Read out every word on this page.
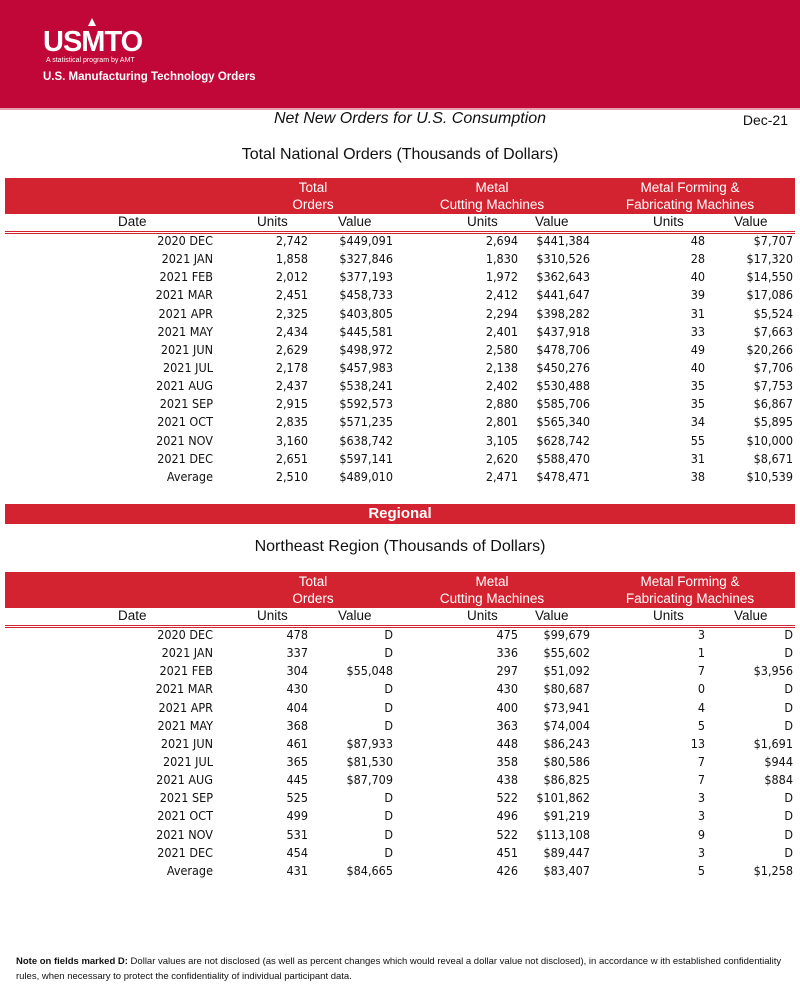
USMTO
A statistical program by AMT
U.S. Manufacturing Technology Orders
Net New Orders for U.S. Consumption	Dec-21
Total National Orders (Thousands of Dollars)
Total
Orders
Metal
Cutting Machines
Metal Forming &
Fabricating Machines
Date	Units	Value	Units	Value	Units	Value
2020 DEC	2,742	$449,091	2,694 $441,384	48	$7,707
2021 JAN	1,858	$327,846	1,830 $310,526	28	$17,320
2021 FEB	2,012	$377,193	1,972 $362,643	40	$14,550
2021 MAR	2,451	$458,733	2,412 $441,647	39	$17,086
2021 APR	2,325	$403,805	2,294 $398,282	31	$5,524
2021 MAY	2,434	$445,581	2,401 $437,918	33	$7,663
2021 JUN	2,629	$498,972	2,580 $478,706	49	$20,266
2021 JUL	2,178	$457,983	2,138 $450,276	40	$7,706
2021 AUG	2,437	$538,241	2,402 $530,488	35	$7,753
2021 SEP	2,915	$592,573	2,880 $585,706	35	$6,867
2021 OCT	2,835	$571,235	2,801 $565,340	34	$5,895
2021 NOV	3,160	$638,742	3,105 $628,742	55	$10,000
2021 DEC	2,651	$597,141	2,620 $588,470	31	$8,671
Average	2,510	$489,010	2,471 $478,471	38	$10,539
Regional
Northeast Region (Thousands of Dollars)
Total
Orders
Metal
Cutting Machines
Metal Forming &
Fabricating Machines
Date	Units	Value	Units	Value	Units	Value
2020 DEC	478	D	475 $99,679	3	D
2021 JAN	337	D	336 $55,602	1	D
2021 FEB	304	$55,048	297 $51,092	7	$3,956
2021 MAR	430	D	430 $80,687	0	D
2021 APR	404	D	400 $73,941	4	D
2021 MAY	368	D	363 $74,004	5	D
2021 JUN	461	$87,933	448 $86,243	13	$1,691
2021 JUL	365	$81,530	358 $80,586	7	$944
2021 AUG	445	$87,709	438 $86,825	7	$884
2021 SEP	525	D	522 $101,862	3	D
2021 OCT	499	D	496 $91,219	3	D
2021 NOV	531	D	522 $113,108	9	D
2021 DEC	454	D	451 $89,447	3	D
Average	431	$84,665	426 $83,407	5	$1,258
Note on fields marked D: Dollar values are not disclosed (as well as percent changes which would reveal a dollar value not disclosed), in accordance w ith established confidentiality rules, when necessary to protect the confidentiality of individual participant data.
